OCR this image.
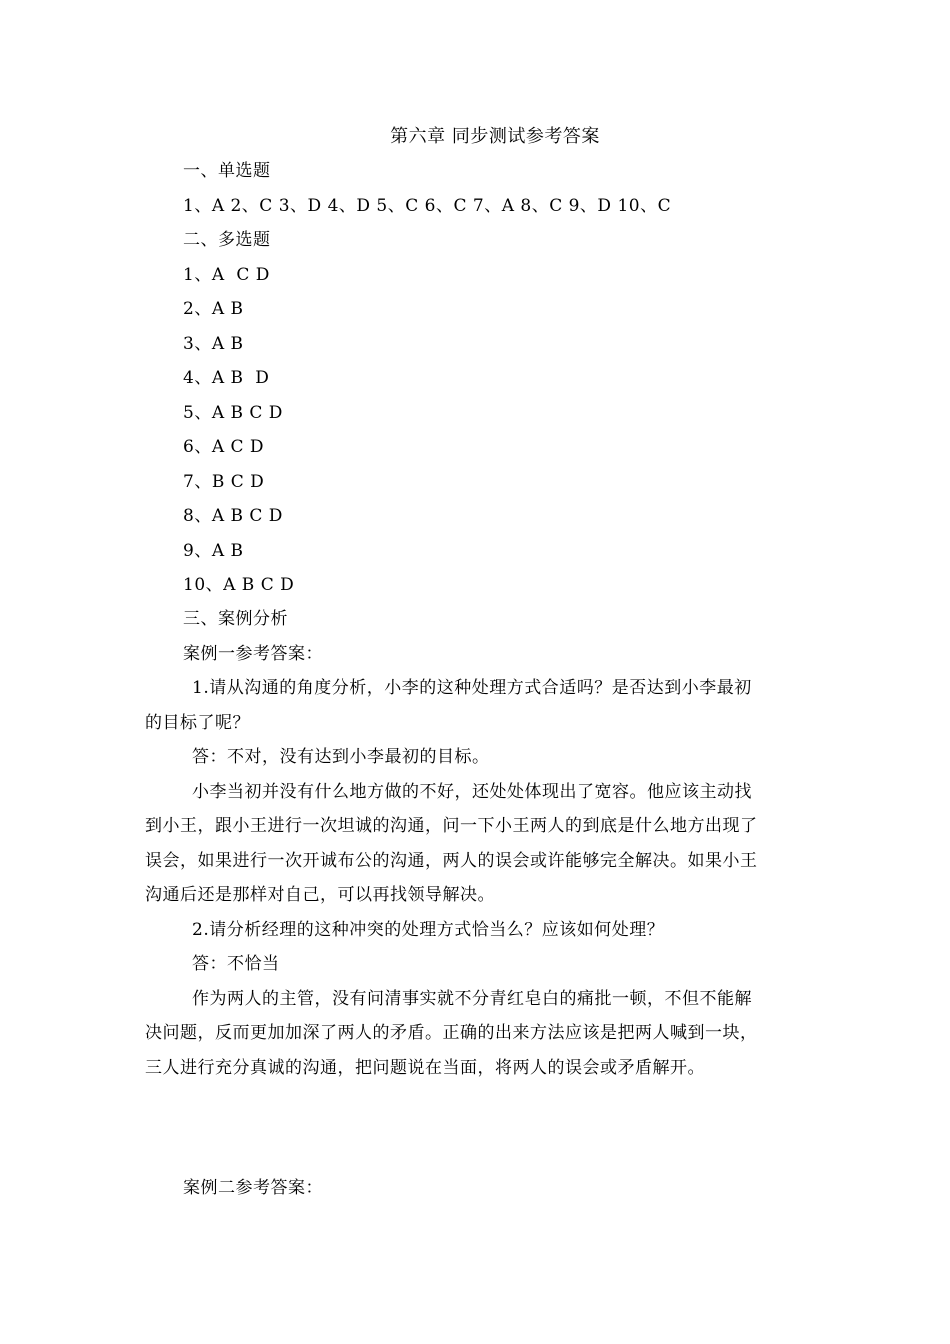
第六章 同步测试参考答案
一、单选题
1、A 2、C 3、D 4、D 5、C 6、C 7、A 8、C 9、D 10、C
二、多选题
1、A  C D
2、A B
3、A B
4、A B  D
5、A B C D
6、A C D
7、B C D
8、A B C D
9、A B
10、A B C D
三、案例分析
案例一参考答案：
1.请从沟通的角度分析，小李的这种处理方式合适吗？是否达到小李最初
的目标了呢？
答：不对，没有达到小李最初的目标。
小李当初并没有什么地方做的不好，还处处体现出了宽容。他应该主动找
到小王，跟小王进行一次坦诚的沟通，问一下小王两人的到底是什么地方出现了
误会，如果进行一次开诚布公的沟通，两人的误会或许能够完全解决。如果小王
沟通后还是那样对自己，可以再找领导解决。
2.请分析经理的这种冲突的处理方式恰当么？应该如何处理？
答：不恰当
作为两人的主管，没有问清事实就不分青红皂白的痛批一顿，不但不能解
决问题，反而更加加深了两人的矛盾。正确的出来方法应该是把两人喊到一块，
三人进行充分真诚的沟通，把问题说在当面，将两人的误会或矛盾解开。
案例二参考答案：
